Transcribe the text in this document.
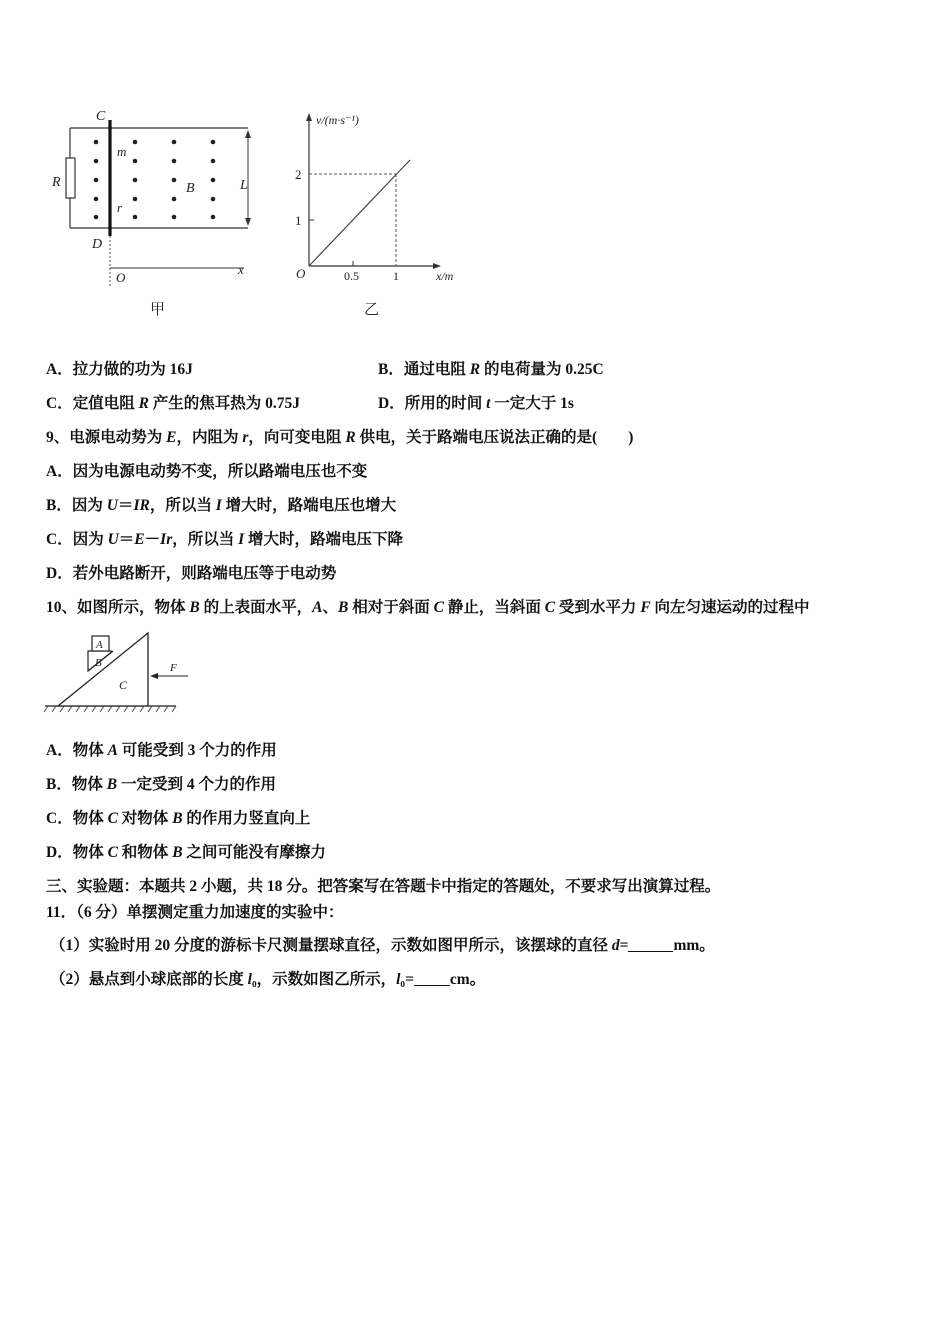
C
m
R	B	L
r
D
O
x
甲
v/(m·s⁻¹)
2
1
O	0.5	1	x/m
乙
A．拉力做的功为 16J	B．通过电阻 R 的电荷量为 0.25C
C．定值电阻 R 产生的焦耳热为 0.75J	D．所用的时间 t 一定大于 1s
9、电源电动势为 E，内阻为 r，向可变电阻 R 供电，关于路端电压说法正确的是(　　)
A．因为电源电动势不变，所以路端电压也不变
B．因为 U＝IR，所以当 I 增大时，路端电压也增大
C．因为 U＝E－Ir，所以当 I 增大时，路端电压下降
D．若外电路断开，则路端电压等于电动势
10、如图所示，物体 B 的上表面水平，A、B 相对于斜面 C 静止，当斜面 C 受到水平力 F 向左匀速运动的过程中
A
B
C
F
A．物体 A 可能受到 3 个力的作用
B．物体 B 一定受到 4 个力的作用
C．物体 C 对物体 B 的作用力竖直向上
D．物体 C 和物体 B 之间可能没有摩擦力
三、实验题：本题共 2 小题，共 18 分。把答案写在答题卡中指定的答题处，不要求写出演算过程。
11．（6 分）单摆测定重力加速度的实验中：
（1）实验时用 20 分度的游标卡尺测量摆球直径，示数如图甲所示，该摆球的直径 d=	mm。
（2）悬点到小球底部的长度 l₀，示数如图乙所示，l₀= cm。
